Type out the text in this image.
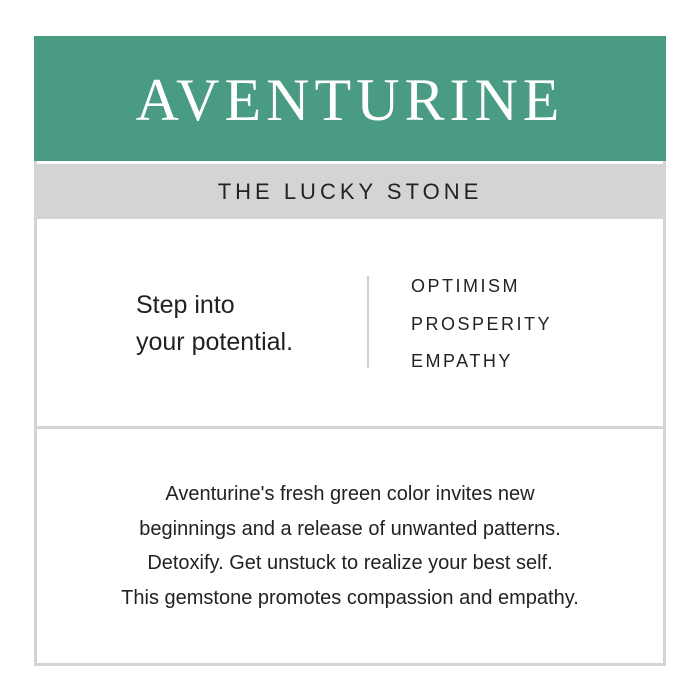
AVENTURINE
THE LUCKY STONE
Step into
your potential.
OPTIMISM
PROSPERITY
EMPATHY
Aventurine's fresh green color invites new
beginnings and a release of unwanted patterns.
Detoxify. Get unstuck to realize your best self.
This gemstone promotes compassion and empathy.
